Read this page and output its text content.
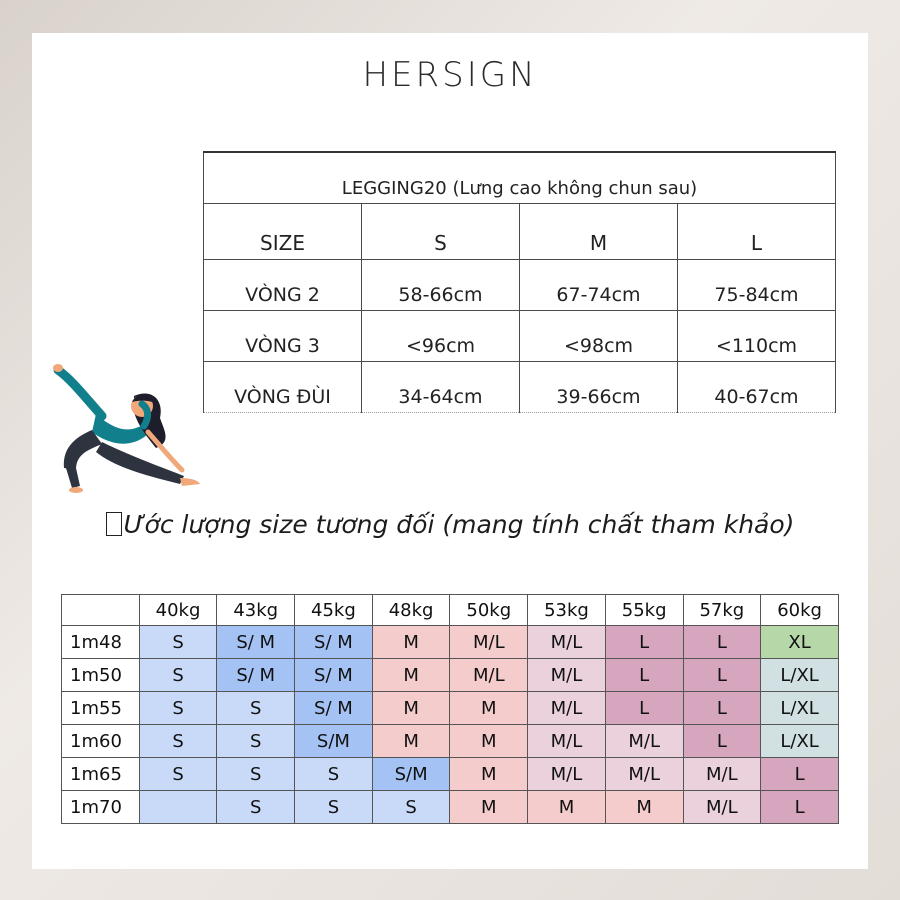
HERSIGN
LEGGING20 (Lưng cao không chun sau)			
SIZE	S	M	L
VÒNG 2	58-66cm	67-74cm	75-84cm
VÒNG 3	<96cm	<98cm	<110cm
VÒNG ĐÙI	34-64cm	39-66cm	40-67cm
Ước lượng size tương đối (mang tính chất tham khảo)
	40kg	43kg	45kg	48kg	50kg	53kg	55kg	57kg	60kg
1m48	S	S/ M	S/ M	M	M/L	M/L	L	L	XL
1m50	S	S/ M	S/ M	M	M/L	M/L	L	L	L/XL
1m55	S	S	S/ M	M	M	M/L	L	L	L/XL
1m60	S	S	S/M	M	M	M/L	M/L	L	L/XL
1m65	S	S	S	S/M	M	M/L	M/L	M/L	L
1m70		S	S	S	M	M	M	M/L	L
